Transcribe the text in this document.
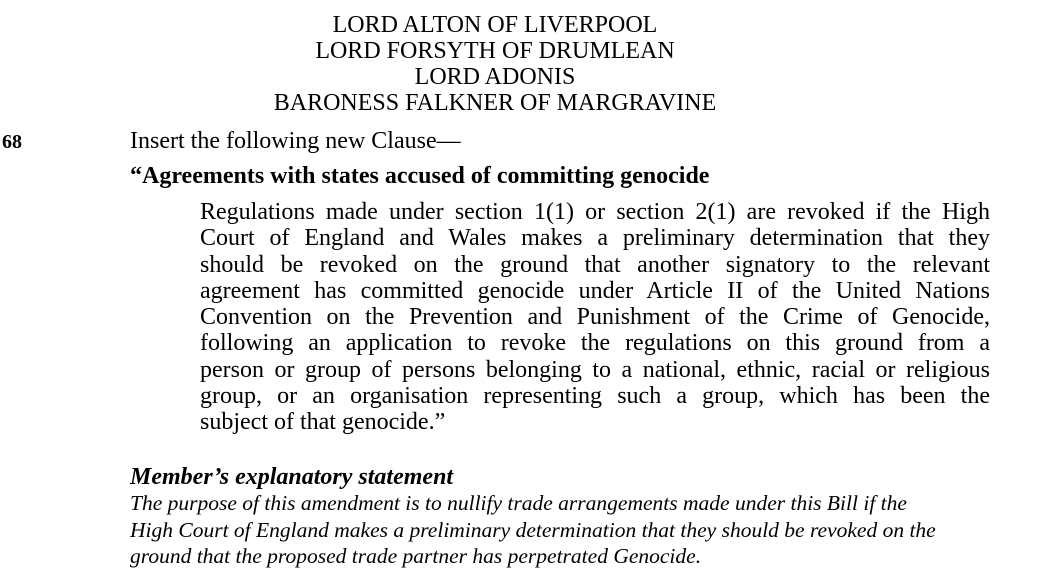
LORD ALTON OF LIVERPOOL
LORD FORSYTH OF DRUMLEAN
LORD ADONIS
BARONESS FALKNER OF MARGRAVINE
68	Insert the following new Clause—
“Agreements with states accused of committing genocide
Regulations made under section 1(1) or section 2(1) are revoked if the High
Court of England and Wales makes a preliminary determination that they
should be revoked on the ground that another signatory to the relevant
agreement has committed genocide under Article II of the United Nations
Convention on the Prevention and Punishment of the Crime of Genocide,
following an application to revoke the regulations on this ground from a
person or group of persons belonging to a national, ethnic, racial or religious
group, or an organisation representing such a group, which has been the
subject of that genocide.”
Member’s explanatory statement
The purpose of this amendment is to nullify trade arrangements made under this Bill if the
High Court of England makes a preliminary determination that they should be revoked on the
ground that the proposed trade partner has perpetrated Genocide.
